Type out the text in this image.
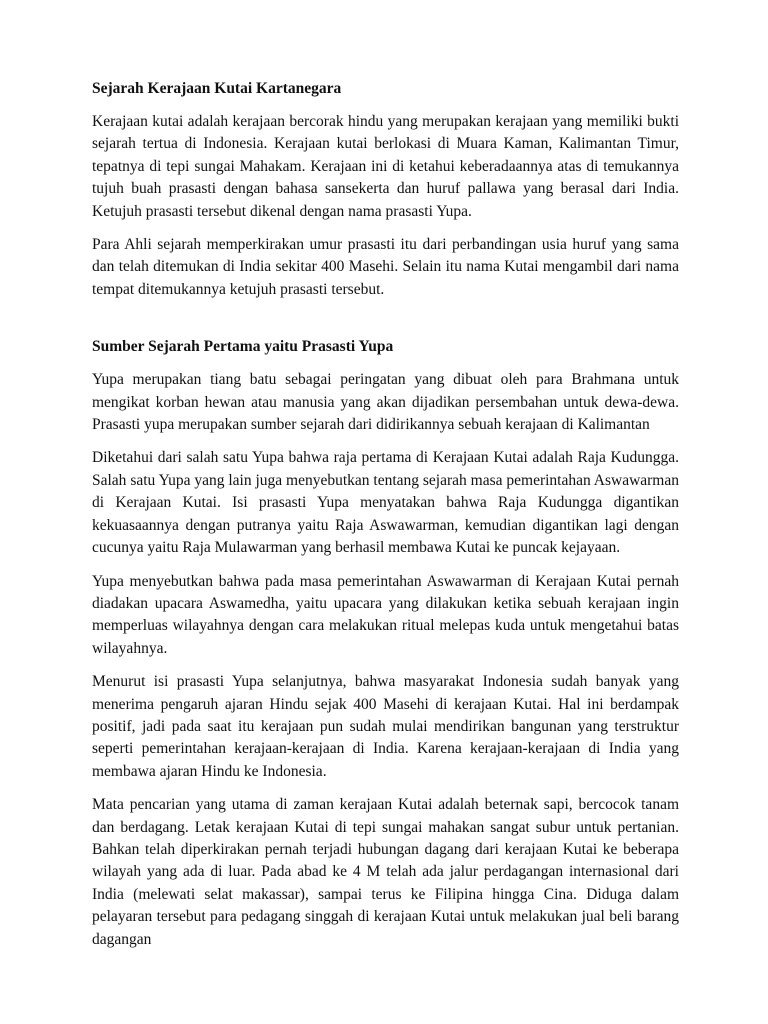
Sejarah Kerajaan Kutai Kartanegara

Kerajaan kutai adalah kerajaan bercorak hindu yang merupakan kerajaan yang memiliki bukti sejarah tertua di Indonesia. Kerajaan kutai berlokasi di Muara Kaman, Kalimantan Timur, tepatnya di tepi sungai Mahakam. Kerajaan ini di ketahui keberadaannya atas di temukannya tujuh buah prasasti dengan bahasa sansekerta dan huruf pallawa yang berasal dari India. Ketujuh prasasti tersebut dikenal dengan nama prasasti Yupa.

Para Ahli sejarah memperkirakan umur prasasti itu dari perbandingan usia huruf yang sama dan telah ditemukan di India sekitar 400 Masehi. Selain itu nama Kutai mengambil dari nama tempat ditemukannya ketujuh prasasti tersebut.

Sumber Sejarah Pertama yaitu Prasasti Yupa

Yupa merupakan tiang batu sebagai peringatan yang dibuat oleh para Brahmana untuk mengikat korban hewan atau manusia yang akan dijadikan persembahan untuk dewa-dewa. Prasasti yupa merupakan sumber sejarah dari didirikannya sebuah kerajaan di Kalimantan

Diketahui dari salah satu Yupa bahwa raja pertama di Kerajaan Kutai adalah Raja Kudungga. Salah satu Yupa yang lain juga menyebutkan tentang sejarah masa pemerintahan Aswawarman di Kerajaan Kutai. Isi prasasti Yupa menyatakan bahwa Raja Kudungga digantikan kekuasaannya dengan putranya yaitu Raja Aswawarman, kemudian digantikan lagi dengan cucunya yaitu Raja Mulawarman yang berhasil membawa Kutai ke puncak kejayaan.

Yupa menyebutkan bahwa pada masa pemerintahan Aswawarman di Kerajaan Kutai pernah diadakan upacara Aswamedha, yaitu upacara yang dilakukan ketika sebuah kerajaan ingin memperluas wilayahnya dengan cara melakukan ritual melepas kuda untuk mengetahui batas wilayahnya.

Menurut isi prasasti Yupa selanjutnya, bahwa masyarakat Indonesia sudah banyak yang menerima pengaruh ajaran Hindu sejak 400 Masehi di kerajaan Kutai. Hal ini berdampak positif, jadi pada saat itu kerajaan pun sudah mulai mendirikan bangunan yang terstruktur seperti pemerintahan kerajaan-kerajaan di India. Karena kerajaan-kerajaan di India yang membawa ajaran Hindu ke Indonesia.

Mata pencarian yang utama di zaman kerajaan Kutai adalah beternak sapi, bercocok tanam dan berdagang. Letak kerajaan Kutai di tepi sungai mahakan sangat subur untuk pertanian. Bahkan telah diperkirakan pernah terjadi hubungan dagang dari kerajaan Kutai ke beberapa wilayah yang ada di luar. Pada abad ke 4 M telah ada jalur perdagangan internasional dari India (melewati selat makassar), sampai terus ke Filipina hingga Cina. Diduga dalam pelayaran tersebut para pedagang singgah di kerajaan Kutai untuk melakukan jual beli barang dagangan
